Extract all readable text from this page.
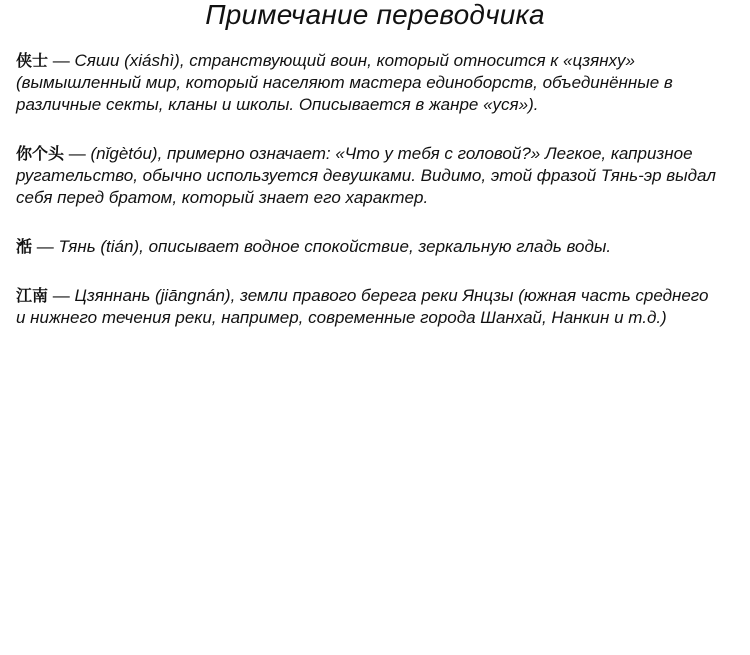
Примечание переводчика

侠士 — Сяши (xiáshì), странствующий воин, который относится к «цзянху» (вымышленный мир, который населяют мастера единоборств, объединённые в различные секты, кланы и школы. Описывается в жанре «уся»).

你个头 — (nǐgètóu), примерно означает: «Что у тебя с головой?» Легкое, капризное ругательство, обычно используется девушками. Видимо, этой фразой Тянь-эр выдал себя перед братом, который знает его характер.

湉 — Тянь (tián), описывает водное спокойствие, зеркальную гладь воды.

江南 — Цзяннань (jiāngnán), земли правого берега реки Янцзы (южная часть среднего и нижнего течения реки, например, современные города Шанхай, Нанкин и т.д.)
